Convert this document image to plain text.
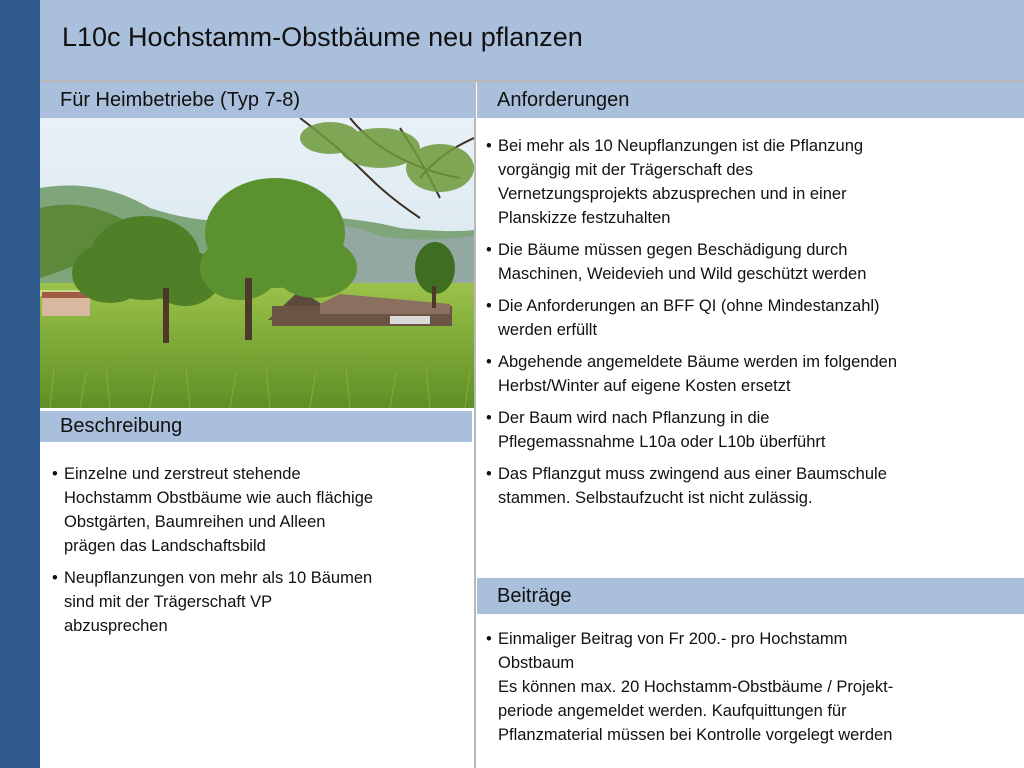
L10c Hochstamm-Obstbäume neu pflanzen
Für Heimbetriebe (Typ 7-8)
Beschreibung
• Einzelne und zerstreut stehende
Hochstamm Obstbäume wie auch flächige
Obstgärten, Baumreihen und Alleen
prägen das Landschaftsbild
• Neupflanzungen von mehr als 10 Bäumen
sind mit der Trägerschaft VP
abzusprechen
Anforderungen
• Bei mehr als 10 Neupflanzungen ist die Pflanzung
vorgängig mit der Trägerschaft des
Vernetzungsprojekts abzusprechen und in einer
Planskizze festzuhalten
• Die Bäume müssen gegen Beschädigung durch
Maschinen, Weidevieh und Wild geschützt werden
• Die Anforderungen an BFF QI (ohne Mindestanzahl)
werden erfüllt
• Abgehende angemeldete Bäume werden im folgenden
Herbst/Winter auf eigene Kosten ersetzt
• Der Baum wird nach Pflanzung in die
Pflegemassnahme L10a oder L10b überführt
• Das Pflanzgut muss zwingend aus einer Baumschule
stammen. Selbstaufzucht ist nicht zulässig.
Beiträge
• Einmaliger Beitrag von Fr 200.- pro Hochstamm
Obstbaum
Es können max. 20 Hochstamm-Obstbäume / Projekt-
periode angemeldet werden. Kaufquittungen für
Pflanzmaterial müssen bei Kontrolle vorgelegt werden
